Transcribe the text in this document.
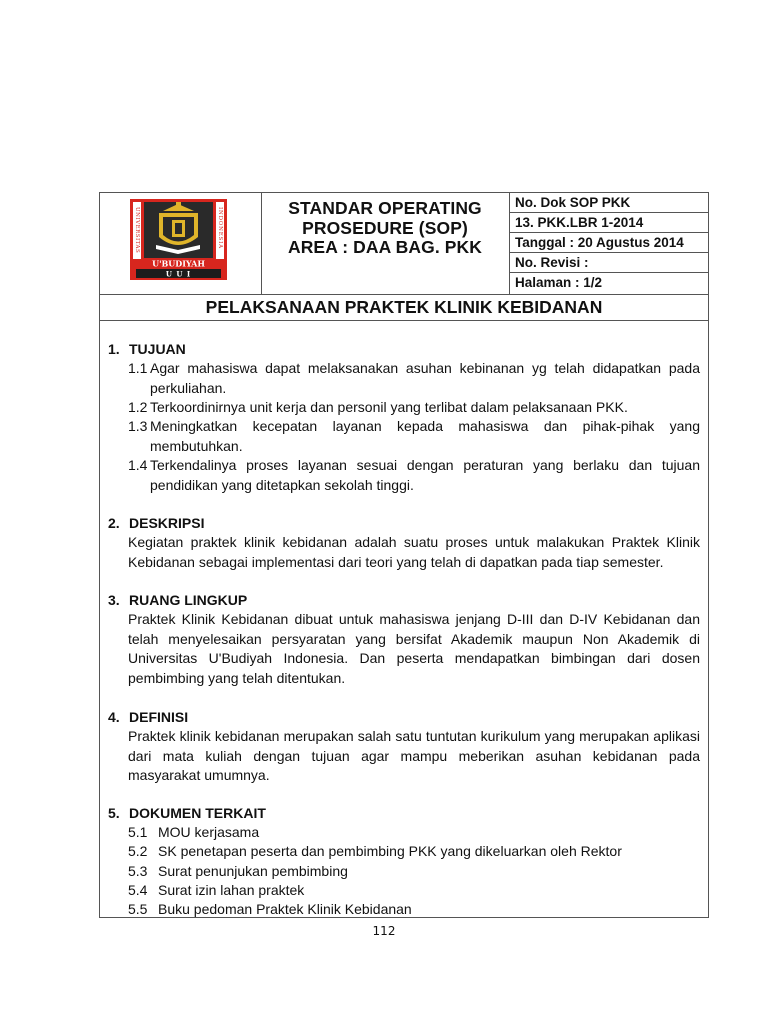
UNIVERSITAS	INDONESIA
U'BUDIYAH
U U I
STANDAR OPERATING
PROSEDURE (SOP)
AREA : DAA BAG. PKK
No. Dok SOP PKK
13. PKK.LBR 1-2014
Tanggal : 20 Agustus 2014
No. Revisi :
Halaman : 1/2
PELAKSANAAN PRAKTEK KLINIK KEBIDANAN
1. TUJUAN
1.1 Agar mahasiswa dapat melaksanakan asuhan kebinanan yg telah didapatkan pada perkuliahan.
1.2 Terkoordinirnya unit kerja dan personil yang terlibat dalam pelaksanaan PKK.
1.3 Meningkatkan kecepatan layanan kepada mahasiswa dan pihak-pihak yang membutuhkan.
1.4 Terkendalinya proses layanan sesuai dengan peraturan yang berlaku dan tujuan pendidikan yang ditetapkan sekolah tinggi.
2. DESKRIPSI

Kegiatan praktek klinik kebidanan adalah suatu proses untuk malakukan Praktek Klinik Kebidanan sebagai implementasi dari teori yang telah di dapatkan pada tiap semester.

3. RUANG LINGKUP

Praktek Klinik Kebidanan dibuat untuk mahasiswa jenjang D-III dan D-IV Kebidanan dan telah menyelesaikan persyaratan yang bersifat Akademik maupun Non Akademik di Universitas U'Budiyah Indonesia. Dan peserta mendapatkan bimbingan dari dosen pembimbing yang telah ditentukan.

4. DEFINISI

Praktek klinik kebidanan merupakan salah satu tuntutan kurikulum yang merupakan aplikasi dari mata kuliah dengan tujuan agar mampu meberikan asuhan kebidanan pada masyarakat umumnya.

5. DOKUMEN TERKAIT
5.1 MOU kerjasama
5.2 SK penetapan peserta dan pembimbing PKK yang dikeluarkan oleh Rektor
5.3 Surat penunjukan pembimbing
5.4 Surat izin lahan praktek
5.5 Buku pedoman Praktek Klinik Kebidanan
112
